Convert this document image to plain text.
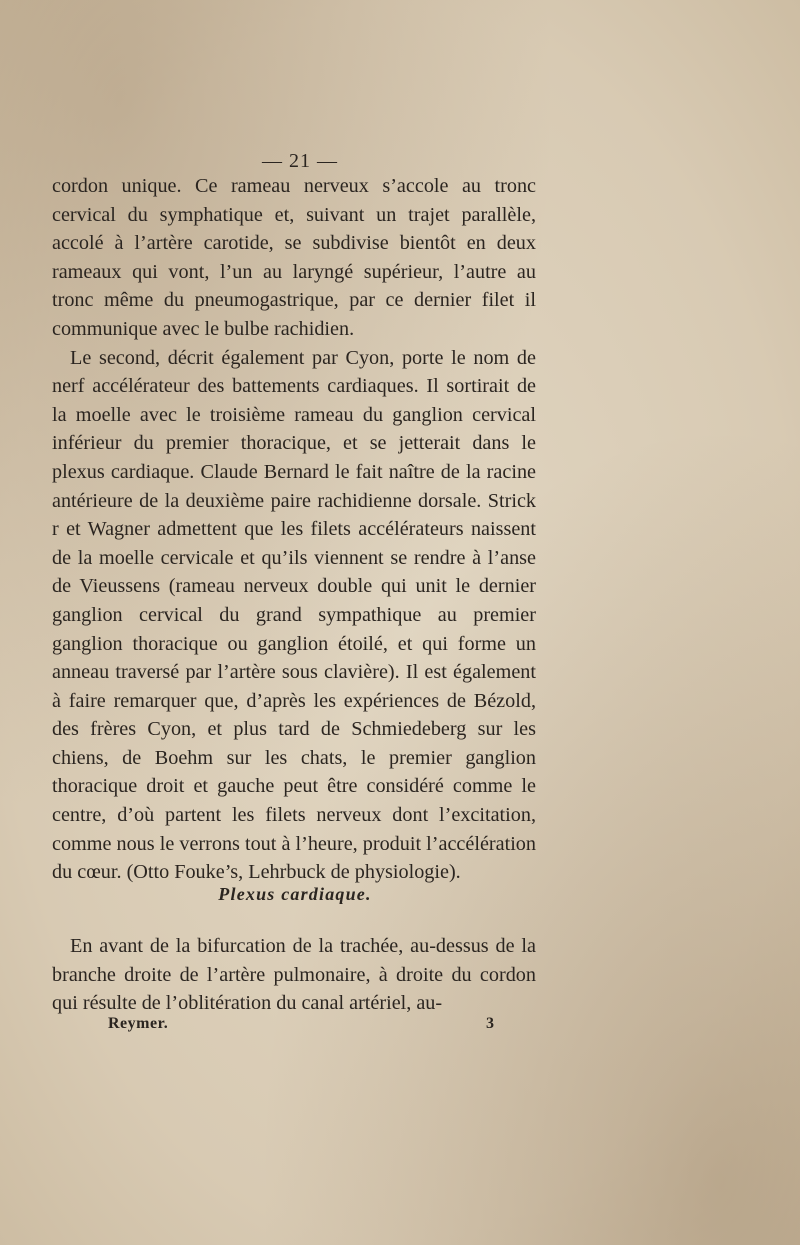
— 21 —

cordon unique. Ce rameau nerveux s’accole au tronc cervical du symphatique et, suivant un trajet parallèle, accolé à l’artère carotide, se subdivise bientôt en deux rameaux qui vont, l’un au laryngé supérieur, l’autre au tronc même du pneumogastrique, par ce dernier filet il communique avec le bulbe rachidien.

Le second, décrit également par Cyon, porte le nom de nerf accélérateur des battements cardiaques. Il sortirait de la moelle avec le troisième rameau du ganglion cervical inférieur du premier thoracique, et se jetterait dans le plexus cardiaque. Claude Bernard le fait naître de la racine antérieure de la deuxième paire rachidienne dorsale. Strick r et Wagner admettent que les filets accélérateurs naissent de la moelle cervicale et qu’ils viennent se rendre à l’anse de Vieussens (rameau nerveux double qui unit le dernier ganglion cervical du grand sympathique au premier ganglion thoracique ou ganglion étoilé, et qui forme un anneau traversé par l’artère sous clavière). Il est également à faire remarquer que, d’après les expériences de Bézold, des frères Cyon, et plus tard de Schmiedeberg sur les chiens, de Boehm sur les chats, le premier ganglion thoracique droit et gauche peut être considéré comme le centre, d’où partent les filets nerveux dont l’excitation, comme nous le verrons tout à l’heure, produit l’accélération du cœur. (Otto Fouke’s, Lehrbuck de physiologie).

Plexus cardiaque.

En avant de la bifurcation de la trachée, au-dessus de la branche droite de l’artère pulmonaire, à droite du cordon qui résulte de l’oblitération du canal artériel, au-

Reymer.	3
